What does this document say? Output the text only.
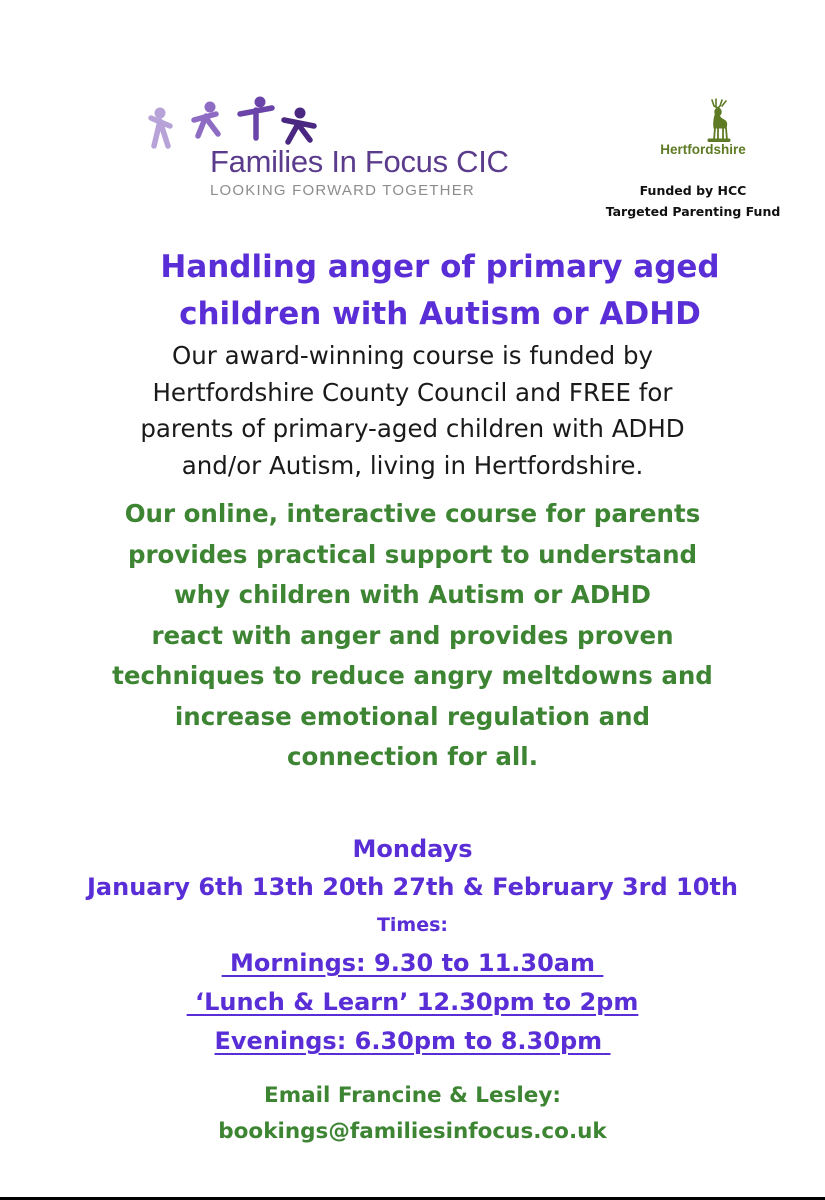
Families In Focus CIC

LOOKING FORWARD TOGETHER

Hertfordshire

Funded by HCC
Targeted Parenting Fund
Handling anger of primary aged
children with Autism or ADHD
Our award-winning course is funded by
Hertfordshire County Council and FREE for
parents of primary-aged children with ADHD
and/or Autism, living in Hertfordshire.
Our online, interactive course for parents
provides practical support to understand
why children with Autism or ADHD
react with anger and provides proven
techniques to reduce angry meltdowns and
increase emotional regulation and
connection for all.
Mondays
January 6th 13th 20th 27th & February 3rd 10th
Times:
Mornings: 9.30 to 11.30am
‘Lunch & Learn’ 12.30pm to 2pm
Evenings: 6.30pm to 8.30pm
Email Francine & Lesley:
bookings@familiesinfocus.co.uk
